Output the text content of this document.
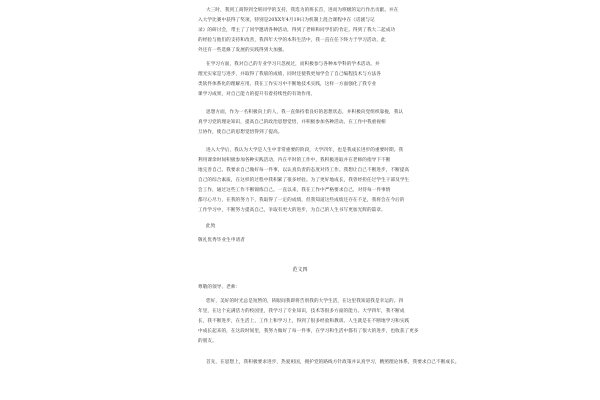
大三时，我到工商得到全班同学的支持，我选为的班长首，进而为班级的运行作出贡献。并在
入大学比赛中获得了奖项，特别是20XX年4月19日为机制上混合课程中在《话剧与记
录》的研讨会，带主了了同学邀请各种活动，得到了老师和同学们的肯定。得到了我大二起成功
的经验与他们的支持和改善，我四年大学的本科生活中，我一直在任下终力于学习活动，此
外还有一些选修了发展的实践得到大加强。
在学习方面，我对自己的专业学习只忽视过，而积极参与各种本学科的学术活动。并
理光实家是与进步，并取得了我崭的成绩，同时还使我更加学会了自己编程技术与方法各
类软件体系化的理解应用。我在工作实习中不断地技术实践，这样一方面强化了我专业
课学习成果，对自己能力的提升有着持续性的有效作用。
思想方面，作为一名积极向上的人，我一直保持着良好的思想状态，并积极向党组织靠拢，我认
真学习党的理论知识，提高自己的政治思想觉悟，并积极参加各种活动。在工作中我重视相
互协作，使自己的思想觉悟得到了提高。
进入大学后，我认为大学是人生中非常重要的阶段，大学四年，也是我成长进步的重要时期。我
利用课余时间积极参加各种实践活动，内在平时的工作中，我积极进取并在老师的指导下不断
地完善自己。我要求自己做好每一件事，以认真负责的态度对待工作。我想让自己不断进步，不断提高
自己的综合素质，在这样的过程中我积累了很多经验。为了更好地成长，我曾经担任过学生干部及学生
会工作，通过这些工作不断锦炼自己。一直以来，我在工作中严格要求自己，对待每一件事情
都尽心尽力，在我的努力下，我取得了一定的成绩，但我知道这些成绩还存在不足，我将会在今后的
工作学习中，不断努力提高自己，争取有更大的进步，为自己的人生书写更加光辉的篇章。
此致
敬礼优秀毕业生申请者
范文四
尊敬的领导、老师：
您好，美好的时光总是短暂的，转眼间我即将告别我的大学生活，在这里我知道我是幸运的。四
年里，在这个充满活力的校园里，我学习了专业知识，技术等很多方面的能力。大学四年，我不断成
长，我不断进步，在生活上、工作上和学习上，得到了很多经验和教训。人生就是在不断地学习和实践
中成长起来的，在这段时间里，我努力做好了每一件事，在学习和生活中都有了很大的进步，也收获了更多
的朋友。
首先，在思想上，我积极要求进步，热爱祖国，拥护党的路线方针政策并认真学习，精照理论体系，我要求自己不断成长。
